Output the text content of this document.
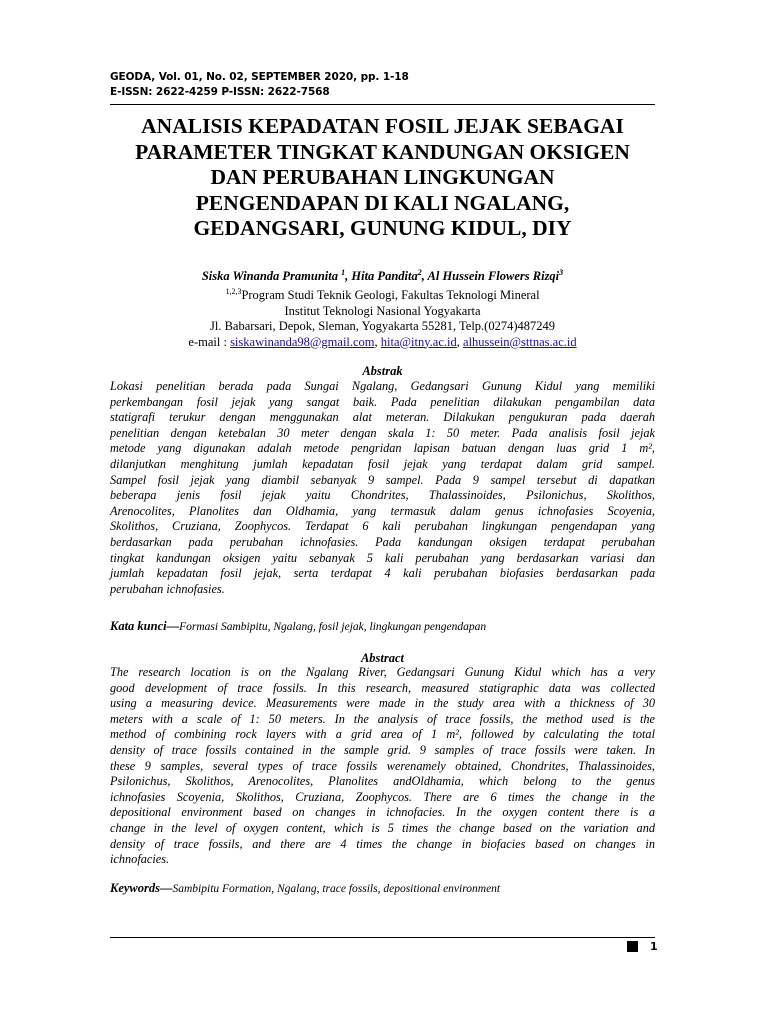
GEODA, Vol. 01, No. 02, SEPTEMBER 2020, pp. 1-18
E-ISSN: 2622-4259 P-ISSN: 2622-7568
ANALISIS KEPADATAN FOSIL JEJAK SEBAGAI
PARAMETER TINGKAT KANDUNGAN OKSIGEN
DAN PERUBAHAN LINGKUNGAN
PENGENDAPAN DI KALI NGALANG,
GEDANGSARI, GUNUNG KIDUL, DIY
Siska Winanda Pramunita $^1$, Hita Pandita$^2$, Al Hussein Flowers Rizqi$^3$
$^{1,2,3}$Program Studi Teknik Geologi, Fakultas Teknologi Mineral
Institut Teknologi Nasional Yogyakarta
Jl. Babarsari, Depok, Sleman, Yogyakarta 55281, Telp.(0274)487249
e-mail : siskawinanda98@gmail.com, hita@itny.ac.id, alhussein@sttnas.ac.id
Abstrak
Lokasi penelitian berada pada Sungai Ngalang, Gedangsari Gunung Kidul yang memiliki
perkembangan fosil jejak yang sangat baik. Pada penelitian dilakukan pengambilan data
statigrafi terukur dengan menggunakan alat meteran. Dilakukan pengukuran pada daerah
penelitian dengan ketebalan 30 meter dengan skala 1: 50 meter. Pada analisis fosil jejak
metode yang digunakan adalah metode pengridan lapisan batuan dengan luas grid 1 m²,
dilanjutkan menghitung jumlah kepadatan fosil jejak yang terdapat dalam grid sampel.
Sampel fosil jejak yang diambil sebanyak 9 sampel. Pada 9 sampel tersebut di dapatkan
beberapa jenis fosil jejak yaitu Chondrites, Thalassinoides, Psilonichus, Skolithos,
Arenocolites, Planolites dan Oldhamia, yang termasuk dalam genus ichnofasies Scoyenia,
Skolithos, Cruziana, Zoophycos. Terdapat 6 kali perubahan lingkungan pengendapan yang
berdasarkan pada perubahan ichnofasies. Pada kandungan oksigen terdapat perubahan
tingkat kandungan oksigen yaitu sebanyak 5 kali perubahan yang berdasarkan variasi dan
jumlah kepadatan fosil jejak, serta terdapat 4 kali perubahan biofasies berdasarkan pada
perubahan ichnofasies.
Kata kunci—Formasi Sambipitu, Ngalang, fosil jejak, lingkungan pengendapan
Abstract
The research location is on the Ngalang River, Gedangsari Gunung Kidul which has a very
good development of trace fossils. In this research, measured statigraphic data was collected
using a measuring device. Measurements were made in the study area with a thickness of 30
meters with a scale of 1: 50 meters. In the analysis of trace fossils, the method used is the
method of combining rock layers with a grid area of 1 m², followed by calculating the total
density of trace fossils contained in the sample grid. 9 samples of trace fossils were taken. In
these 9 samples, several types of trace fossils werenamely obtained, Chondrites, Thalassinoides,
Psilonichus, Skolithos, Arenocolites, Planolites andOldhamia, which belong to the genus
ichnofasies Scoyenia, Skolithos, Cruziana, Zoophycos. There are 6 times the change in the
depositional environment based on changes in ichnofacies. In the oxygen content there is a
change in the level of oxygen content, which is 5 times the change based on the variation and
density of trace fossils, and there are 4 times the change in biofacies based on changes in
ichnofacies.
Keywords—Sambipitu Formation, Ngalang, trace fossils, depositional environment
1
